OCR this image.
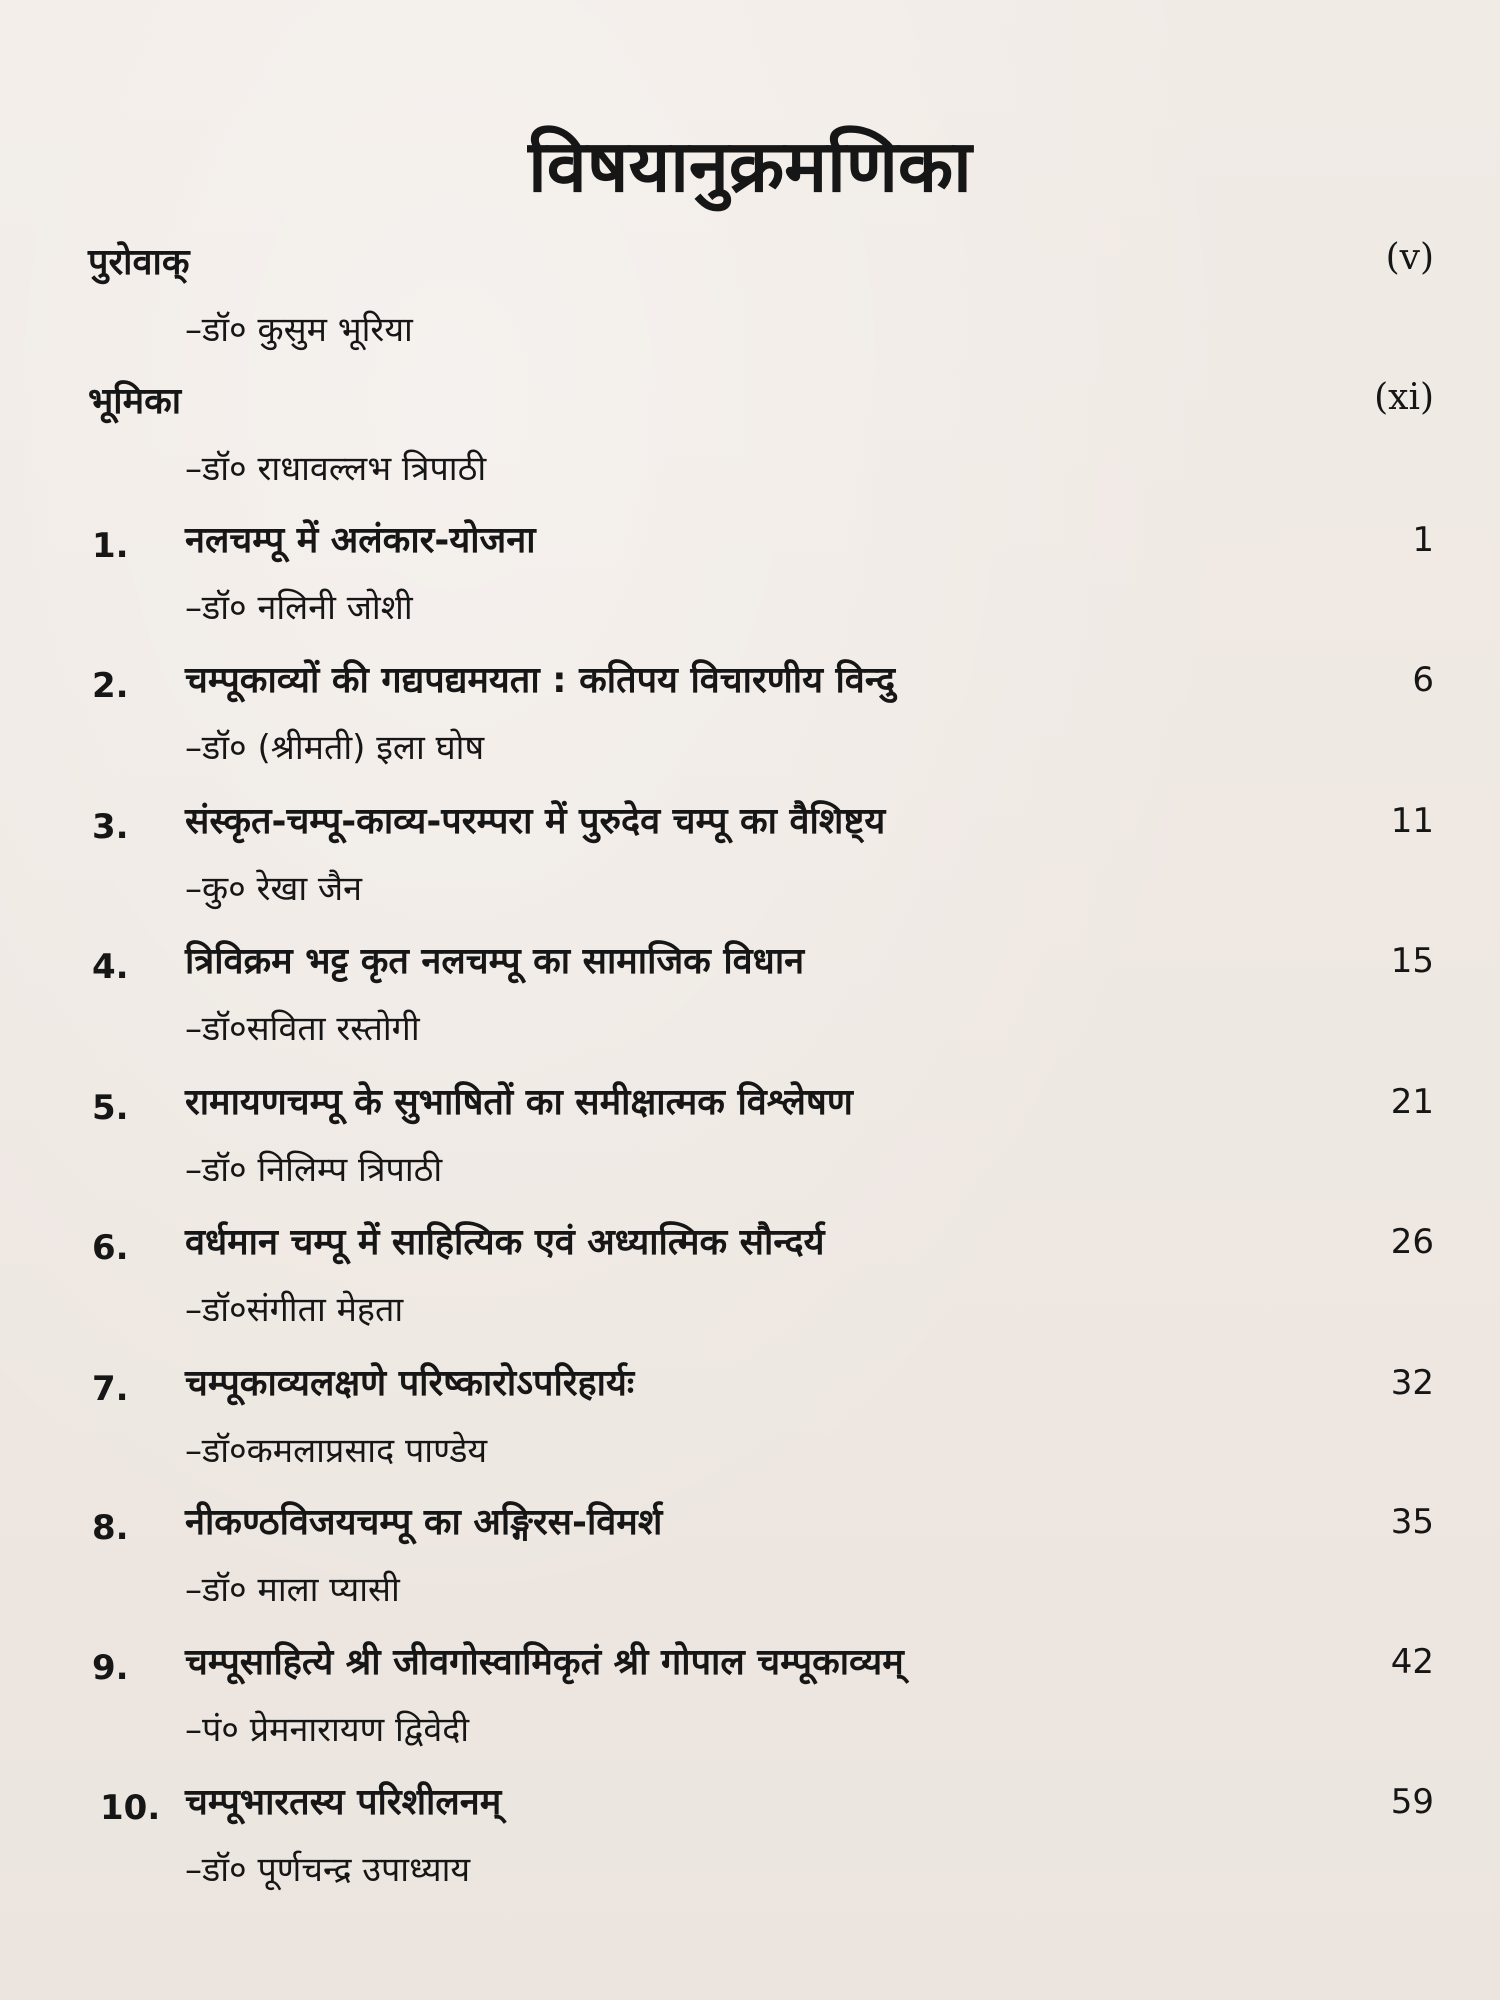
विषयानुक्रमणिका
पुरोवाक्	(v)
–डॉ० कुसुम भूरिया
भूमिका	(xi)
–डॉ० राधावल्लभ त्रिपाठी
1. नलचम्पू में अलंकार-योजना	1
–डॉ० नलिनी जोशी
2. चम्पूकाव्यों की गद्यपद्यमयता : कतिपय विचारणीय विन्दु	6
–डॉ० (श्रीमती) इला घोष
3. संस्कृत-चम्पू-काव्य-परम्परा में पुरुदेव चम्पू का वैशिष्ट्य	11
–कु० रेखा जैन
4. त्रिविक्रम भट्ट कृत नलचम्पू का सामाजिक विधान	15
–डॉ०सविता रस्तोगी
5. रामायणचम्पू के सुभाषितों का समीक्षात्मक विश्लेषण	21
–डॉ० निलिम्प त्रिपाठी
6. वर्धमान चम्पू में साहित्यिक एवं अध्यात्मिक सौन्दर्य	26
–डॉ०संगीता मेहता
7. चम्पूकाव्यलक्षणे परिष्कारोऽपरिहार्यः	32
–डॉ०कमलाप्रसाद पाण्डेय
8. नीकण्ठविजयचम्पू का अङ्गिरस-विमर्श	35
–डॉ० माला प्यासी
9. चम्पूसाहित्ये श्री जीवगोस्वामिकृतं श्री गोपाल चम्पूकाव्यम्	42
–पं० प्रेमनारायण द्विवेदी
10. चम्पूभारतस्य परिशीलनम्	59
–डॉ० पूर्णचन्द्र उपाध्याय
